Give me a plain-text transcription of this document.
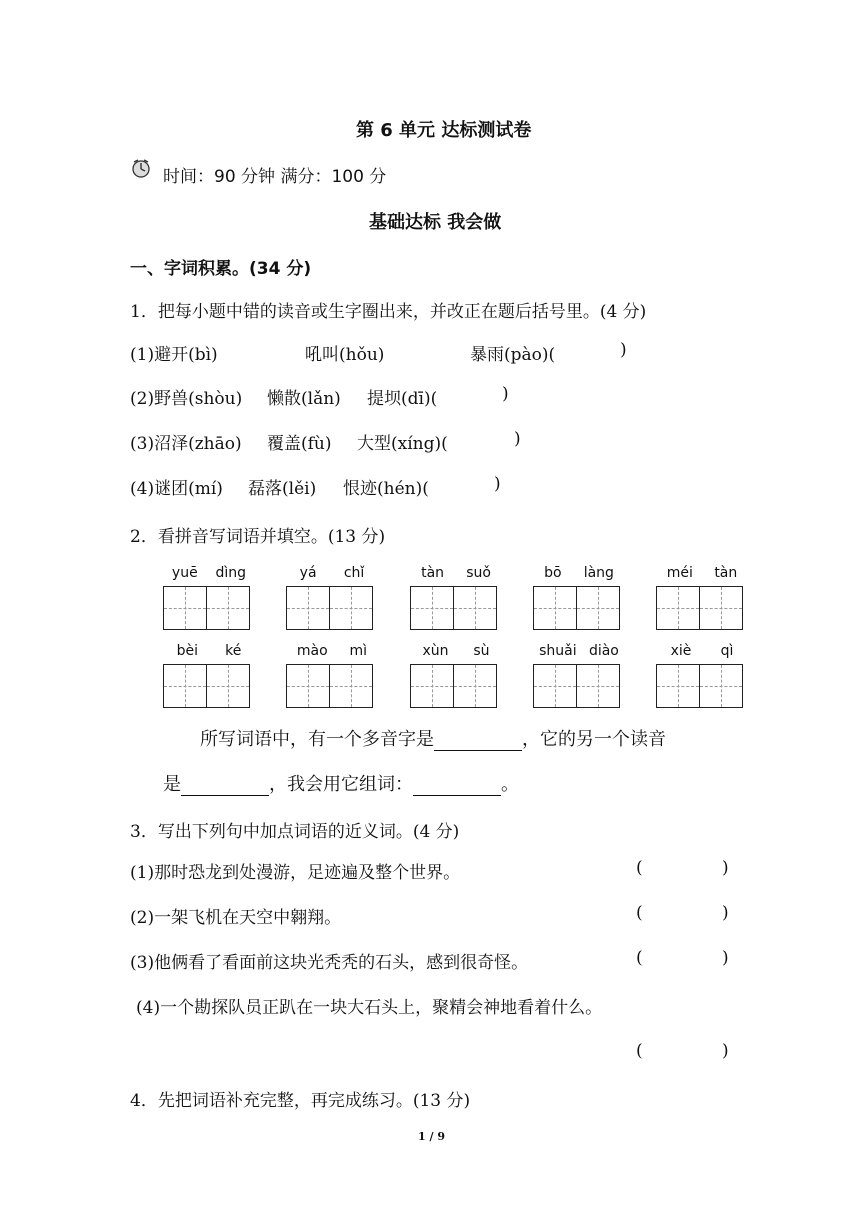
第 6 单元 达标测试卷
时间：90 分钟 满分：100 分
基础达标 我会做
一、字词积累。(34 分)
1．把每小题中错的读音或生字圈出来，并改正在题后括号里。(4 分)
(1)避开(bì)	吼叫(hǒu)	暴雨(pào)(	)
(2)野兽(shòu) 懒散(lǎn) 提坝(dī)(	)
(3)沼泽(zhāo) 覆盖(fù) 大型(xíng)(	)
(4)谜团(mí) 磊落(lěi) 恨迹(hén)(	)
2．看拼音写词语并填空。(13 分)
yuē dìng	yá chǐ	tàn suǒ	bō làng	méi tàn
bèi ké	mào mì	xùn sù	shuǎi diào	xiè qì
所写词语中，有一个多音字是	，它的另一个读音
是	，我会用它组词：	。
3．写出下列句中加点词语的近义词。(4 分)
(1)那时恐龙到处漫游，足迹遍及整个世界。	(	)
(2)一架飞机在天空中翱翔。	(	)
(3)他俩看了看面前这块光秃秃的石头，感到很奇怪。	(	)
(4)一个勘探队员正趴在一块大石头上，聚精会神地看着什么。
(	)
4．先把词语补充完整，再完成练习。(13 分)
1 / 9
